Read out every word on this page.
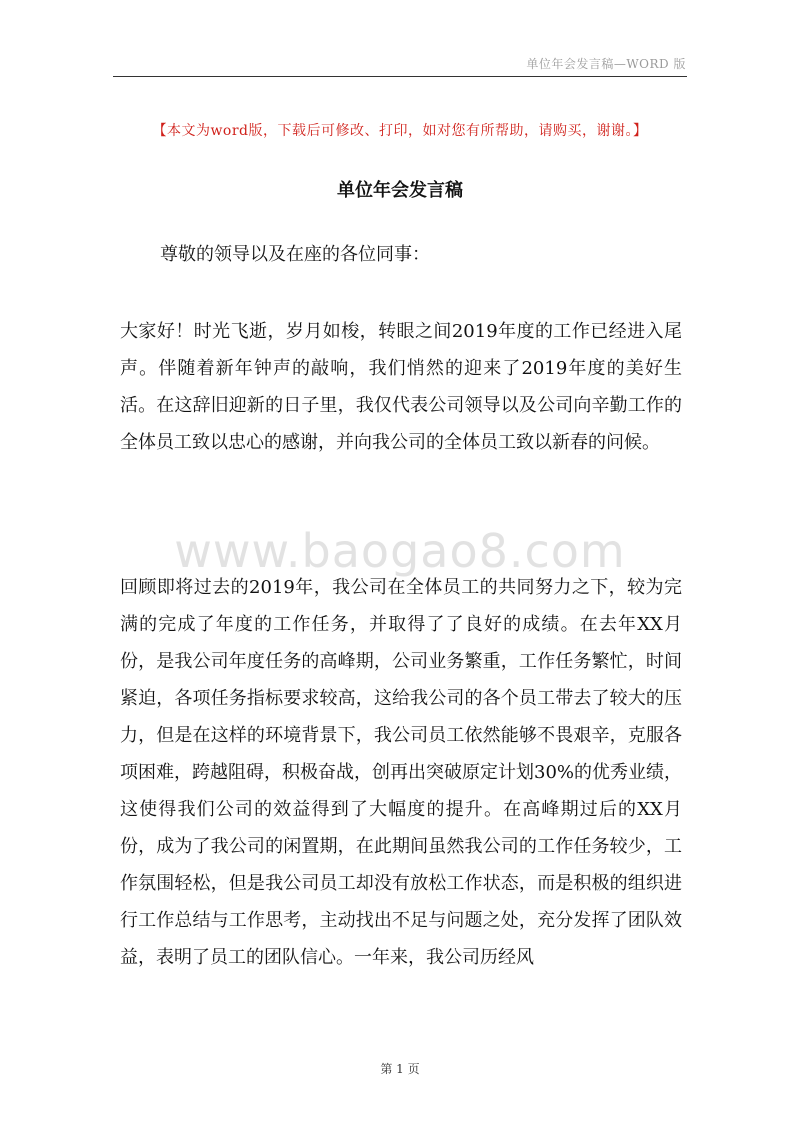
单位年会发言稿—WORD 版
【本文为word版，下载后可修改、打印，如对您有所帮助，请购买，谢谢。】
单位年会发言稿
尊敬的领导以及在座的各位同事：

大家好！时光飞逝，岁月如梭，转眼之间2019年度的工作已经进入尾声。伴随着新年钟声的敲响，我们悄然的迎来了2019年度的美好生活。在这辞旧迎新的日子里，我仅代表公司领导以及公司向辛勤工作的全体员工致以忠心的感谢，并向我公司的全体员工致以新春的问候。

www.baogao8.com

回顾即将过去的2019年，我公司在全体员工的共同努力之下，较为完满的完成了年度的工作任务，并取得了了良好的成绩。在去年XX月份，是我公司年度任务的高峰期，公司业务繁重，工作任务繁忙，时间紧迫，各项任务指标要求较高，这给我公司的各个员工带去了较大的压力，但是在这样的环境背景下，我公司员工依然能够不畏艰辛，克服各项困难，跨越阻碍，积极奋战，创再出突破原定计划30%的优秀业绩，这使得我们公司的效益得到了大幅度的提升。在高峰期过后的XX月份，成为了我公司的闲置期，在此期间虽然我公司的工作任务较少，工作氛围轻松，但是我公司员工却没有放松工作状态，而是积极的组织进行工作总结与工作思考，主动找出不足与问题之处，充分发挥了团队效益，表明了员工的团队信心。一年来，我公司历经风

第 1 页
